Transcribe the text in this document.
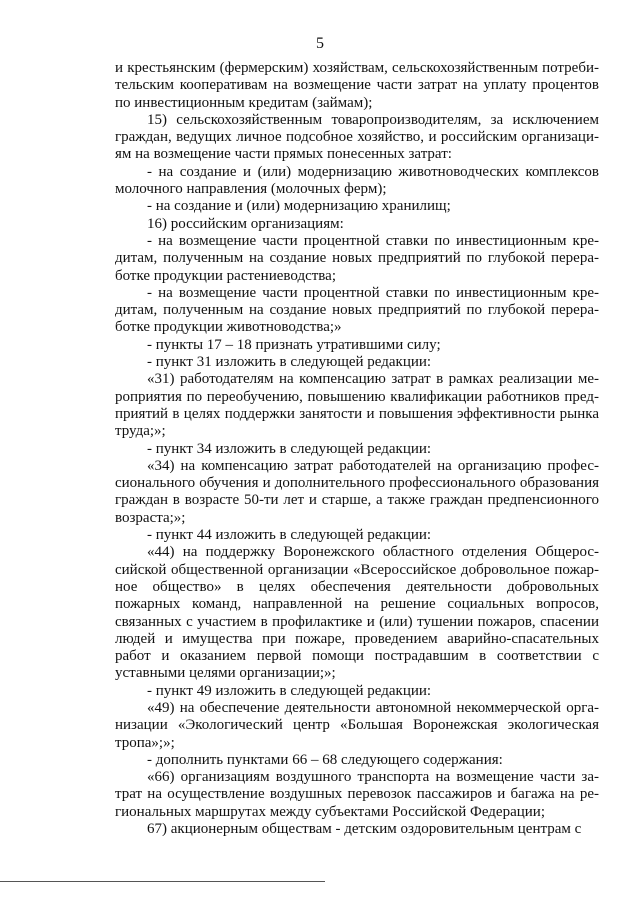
5

и крестьянским (фермерским) хозяйствам, сельскохозяйственным потребительским кооперативам на возмещение части затрат на уплату процентов по инвестиционным кредитам (займам);

15) сельскохозяйственным товаропроизводителям, за исключением граждан, ведущих личное подсобное хозяйство, и российским организациям на возмещение части прямых понесенных затрат:

- на создание и (или) модернизацию животноводческих комплексов молочного направления (молочных ферм);

- на создание и (или) модернизацию хранилищ;

16) российским организациям:

- на возмещение части процентной ставки по инвестиционным кредитам, полученным на создание новых предприятий по глубокой переработке продукции растениеводства;

- на возмещение части процентной ставки по инвестиционным кредитам, полученным на создание новых предприятий по глубокой переработке продукции животноводства;»

- пункты 17 – 18 признать утратившими силу;

- пункт 31 изложить в следующей редакции:

«31) работодателям на компенсацию затрат в рамках реализации мероприятия по переобучению, повышению квалификации работников предприятий в целях поддержки занятости и повышения эффективности рынка труда;»;

- пункт 34 изложить в следующей редакции:

«34) на компенсацию затрат работодателей на организацию профессионального обучения и дополнительного профессионального образования граждан в возрасте 50-ти лет и старше, а также граждан предпенсионного возраста;»;

- пункт 44 изложить в следующей редакции:

«44) на поддержку Воронежского областного отделения Общероссийской общественной организации «Всероссийское добровольное пожарное общество» в целях обеспечения деятельности добровольных пожарных команд, направленной на решение социальных вопросов, связанных с участием в профилактике и (или) тушении пожаров, спасении людей и имущества при пожаре, проведением аварийно-спасательных работ и оказанием первой помощи пострадавшим в соответствии с уставными целями организации;»;

- пункт 49 изложить в следующей редакции:

«49) на обеспечение деятельности автономной некоммерческой организации «Экологический центр «Большая Воронежская экологическая тропа»;»;

- дополнить пунктами 66 – 68 следующего содержания:

«66) организациям воздушного транспорта на возмещение части затрат на осуществление воздушных перевозок пассажиров и багажа на региональных маршрутах между субъектами Российской Федерации;

67) акционерным обществам - детским оздоровительным центрам с
